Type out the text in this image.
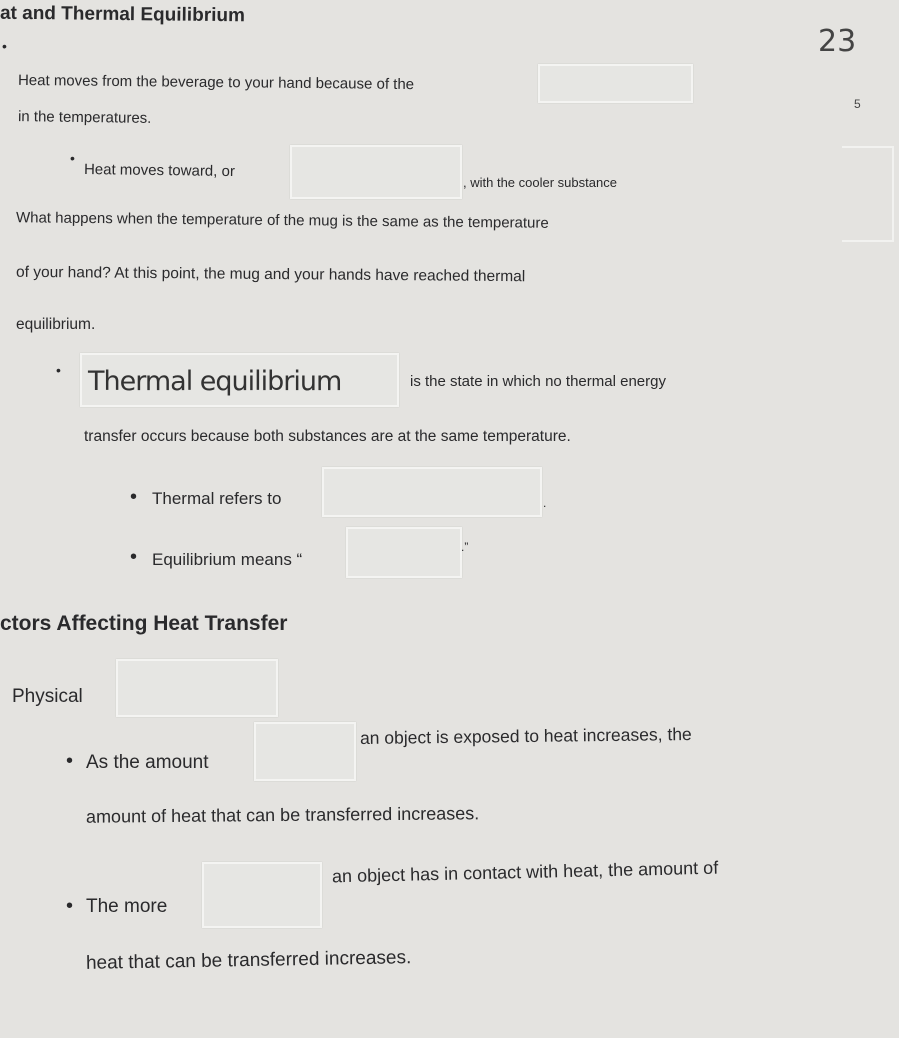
at and Thermal Equilibrium
23
5
•
Heat moves from the beverage to your hand because of the
in the temperatures.
•
Heat moves toward, or
, with the cooler substance
What happens when the temperature of the mug is the same as the temperature
of your hand? At this point, the mug and your hands have reached thermal
equilibrium.
• Thermal equilibrium	is the state in which no thermal energy
transfer occurs because both substances are at the same temperature.
• Thermal refers to	.
• Equilibrium means “
.”
ctors Affecting Heat Transfer
Physical
• As the amount
an object is exposed to heat increases, the
amount of heat that can be transferred increases.
• The more
an object has in contact with heat, the amount of
heat that can be transferred increases.
